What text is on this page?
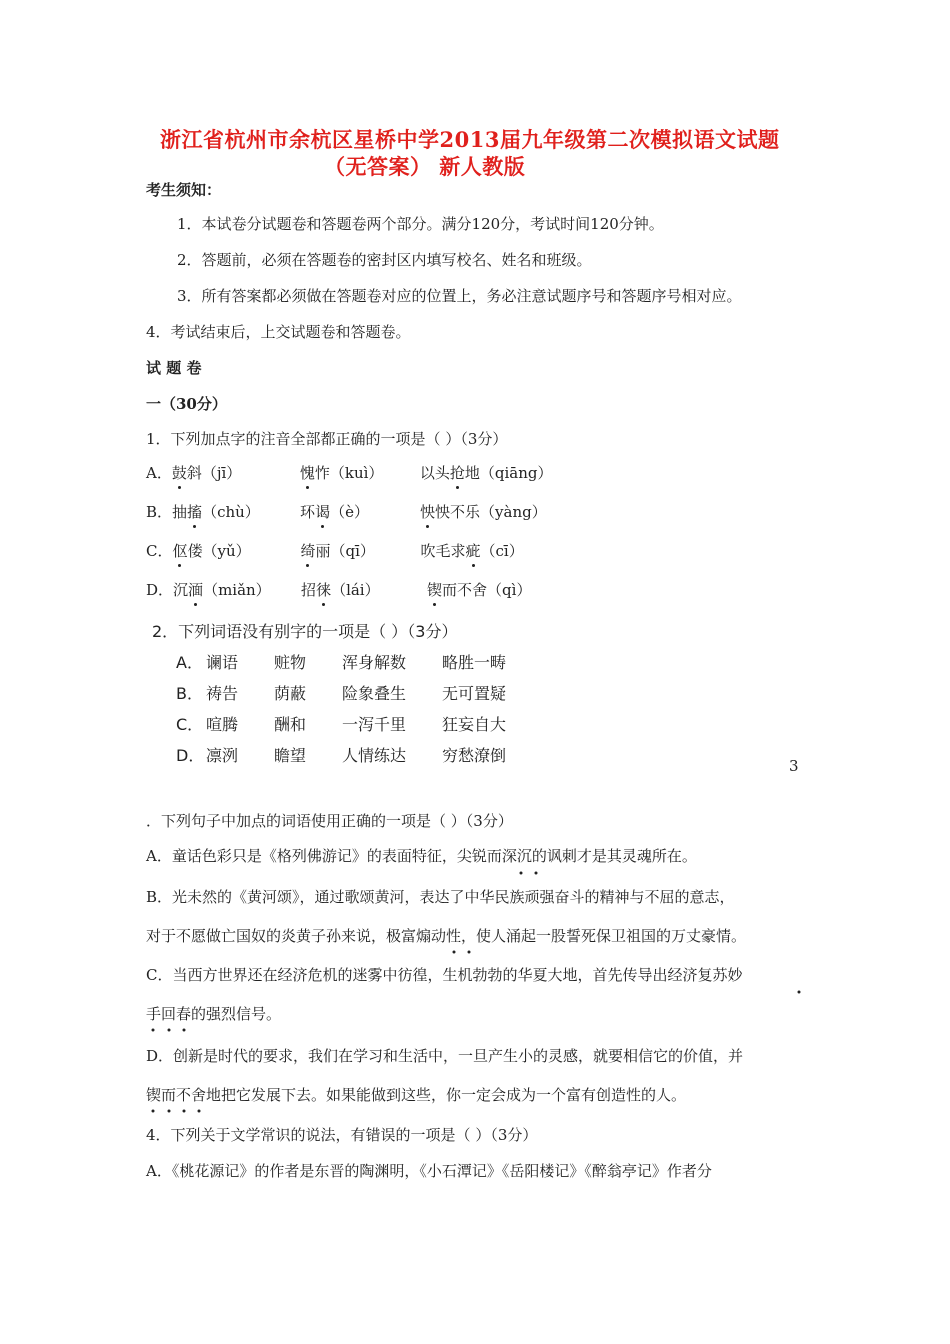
浙江省杭州市余杭区星桥中学2013届九年级第二次模拟语文试题
（无答案） 新人教版
考生须知：
1．本试卷分试题卷和答题卷两个部分。满分120分，考试时间120分钟。
2．答题前，必须在答题卷的密封区内填写校名、姓名和班级。
3．所有答案都必须做在答题卷对应的位置上，务必注意试题序号和答题序号相对应。
4．考试结束后，上交试题卷和答题卷。
试 题 卷
一（30分）
1．下列加点字的注音全部都正确的一项是（ ）（3分）
A．鼓斜（jī）	愧怍（kuì） 以头抢地（qiāng）
B．抽搐（chù）	环谒（è）	怏怏不乐（yàng）
C．伛偻（yǔ）	绮丽（qī）	吹毛求疵（cī）
D．沉湎（miǎn） 招徕（lái）	锲而不舍（qì）
2．下列词语没有别字的一项是（ ）（3分）
A． 谰语 赃物 浑身解数 略胜一畴
B． 祷告 荫蔽 险象叠生 无可置疑
C． 喧腾 酬和 一泻千里 狂妄自大
D． 凛洌 瞻望 人情练达 穷愁潦倒
3
．下列句子中加点的词语使用正确的一项是（ ）（3分）
A．童话色彩只是《格列佛游记》的表面特征，尖锐而深沉的讽刺才是其灵魂所在。
B．光未然的《黄河颂》，通过歌颂黄河，表达了中华民族顽强奋斗的精神与不屈的意志，
对于不愿做亡国奴的炎黄子孙来说，极富煽动性，使人涌起一股誓死保卫祖国的万丈豪情。
C．当西方世界还在经济危机的迷雾中彷徨，生机勃勃的华夏大地，首先传导出经济复苏妙
手回春的强烈信号。
D．创新是时代的要求，我们在学习和生活中，一旦产生小的灵感，就要相信它的价值，并
锲而不舍地把它发展下去。如果能做到这些，你一定会成为一个富有创造性的人。
4．下列关于文学常识的说法，有错误的一项是（ ）（3分）
A．《桃花源记》的作者是东晋的陶渊明，《小石潭记》《岳阳楼记》《醉翁亭记》作者分
